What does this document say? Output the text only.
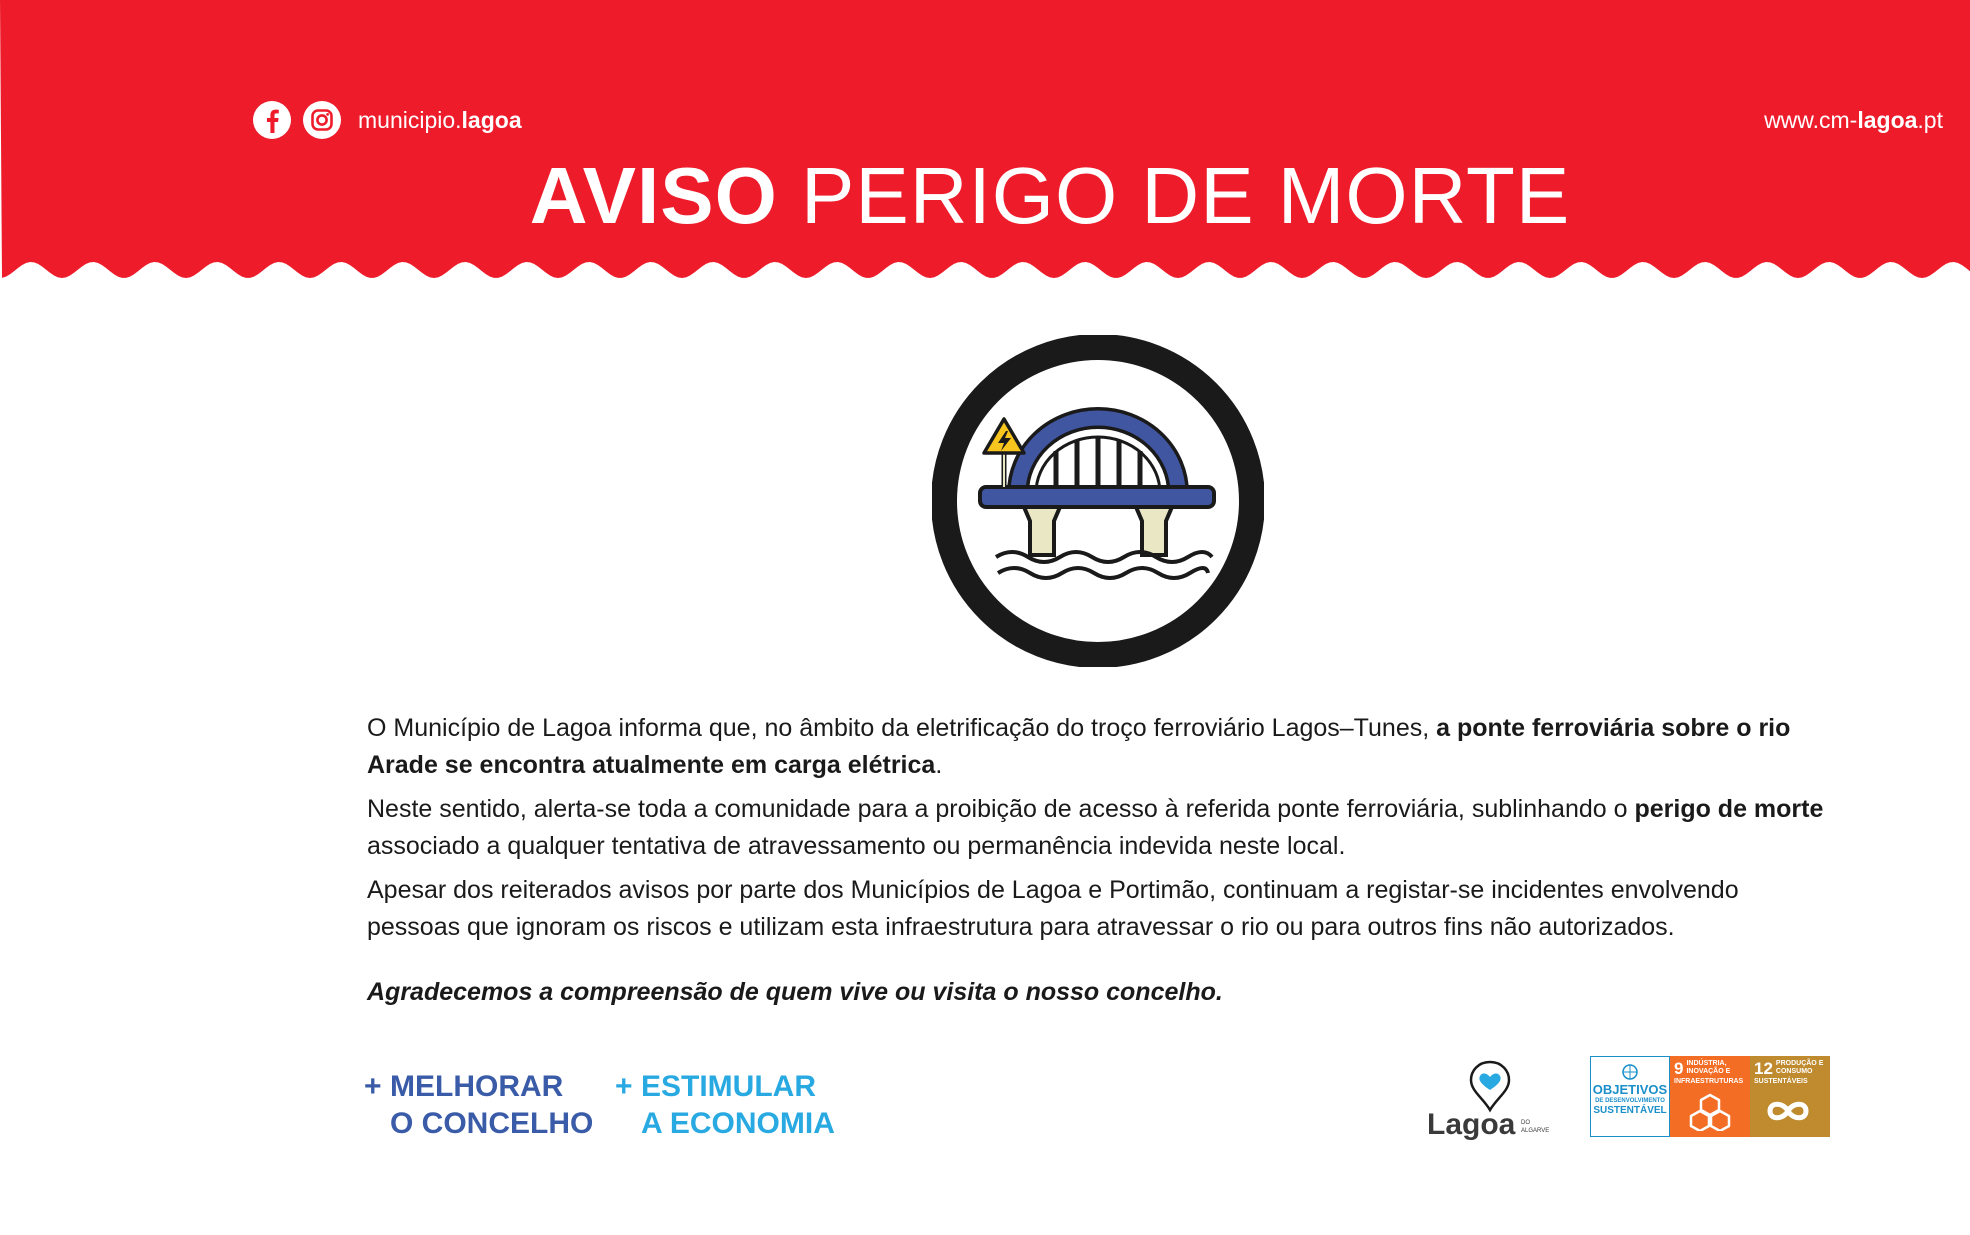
municipio.lagoa	www.cm-lagoa.pt
AVISO PERIGO DE MORTE

O Município de Lagoa informa que, no âmbito da eletrificação do troço ferroviário Lagos–Tunes, a ponte ferroviária sobre o rio Arade se encontra atualmente em carga elétrica.

Neste sentido, alerta-se toda a comunidade para a proibição de acesso à referida ponte ferroviária, sublinhando o perigo de morte associado a qualquer tentativa de atravessamento ou permanência indevida neste local.

Apesar dos reiterados avisos por parte dos Municípios de Lagoa e Portimão, continuam a registar-se incidentes envolvendo pessoas que ignoram os riscos e utilizam esta infraestrutura para atravessar o rio ou para outros fins não autorizados.

Agradecemos a compreensão de quem vive ou visita o nosso concelho.
+ MELHORAR
O CONCELHO
+ ESTIMULAR
A ECONOMIA	Lagoa DO
ALGARVE
OBJETIVOS
DE DESENVOLVIMENTO
SUSTENTÁVEL
9 INDÚSTRIA, INOVAÇÃO E INFRAESTRUTURAS
12 PRODUÇÃO E CONSUMO SUSTENTÁVEIS
